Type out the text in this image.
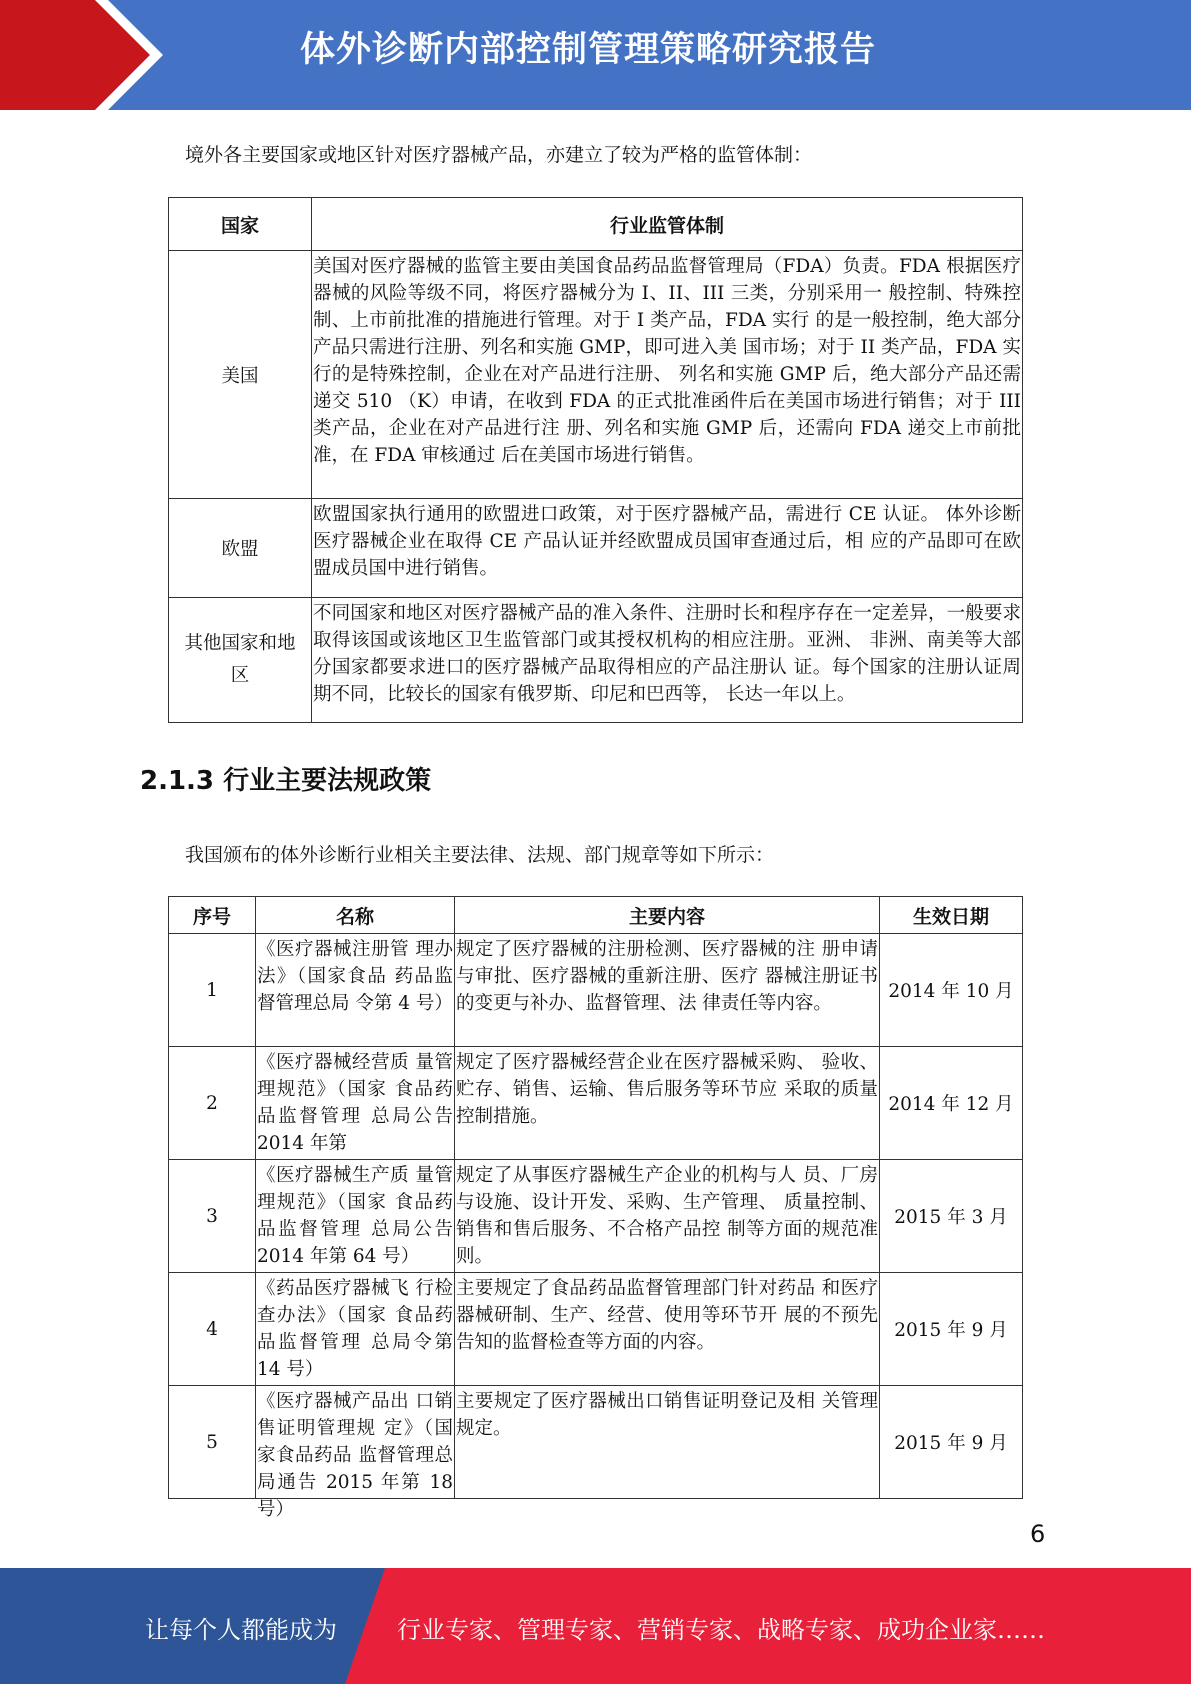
体外诊断内部控制管理策略研究报告
境外各主要国家或地区针对医疗器械产品，亦建立了较为严格的监管体制：
国家	行业监管体制
美国	美国对医疗器械的监管主要由美国食品药品监督管理局（FDA）负责。FDA 根据医疗器械的风险等级不同，将医疗器械分为 I、II、III 三类，分别采用一 般控制、特殊控制、上市前批准的措施进行管理。对于 I 类产品，FDA 实行 的是一般控制，绝大部分产品只需进行注册、列名和实施 GMP，即可进入美 国市场；对于 II 类产品，FDA 实行的是特殊控制，企业在对产品进行注册、 列名和实施 GMP 后，绝大部分产品还需递交 510 （K）申请，在收到 FDA 的正式批准函件后在美国市场进行销售；对于 III 类产品，企业在对产品进行注 册、列名和实施 GMP 后，还需向 FDA 递交上市前批准，在 FDA 审核通过 后在美国市场进行销售。
欧盟	欧盟国家执行通用的欧盟进口政策，对于医疗器械产品，需进行 CE 认证。 体外诊断医疗器械企业在取得 CE 产品认证并经欧盟成员国审查通过后，相 应的产品即可在欧盟成员国中进行销售。
其他国家和地区	不同国家和地区对医疗器械产品的准入条件、注册时长和程序存在一定差异，一般要求取得该国或该地区卫生监管部门或其授权机构的相应注册。亚洲、 非洲、南美等大部分国家都要求进口的医疗器械产品取得相应的产品注册认 证。每个国家的注册认证周期不同，比较长的国家有俄罗斯、印尼和巴西等， 长达一年以上。
2.1.3 行业主要法规政策
我国颁布的体外诊断行业相关主要法律、法规、部门规章等如下所示：
序号	名称	主要内容	生效日期
1	《医疗器械注册管 理办法》（国家食品 药品监督管理总局 令第 4 号）	规定了医疗器械的注册检测、医疗器械的注 册申请与审批、医疗器械的重新注册、医疗 器械注册证书的变更与补办、监督管理、法 律责任等内容。	2014 年 10 月
2	《医疗器械经营质 量管理规范》（国家 食品药品监督管理 总局公告 2014 年第	规定了医疗器械经营企业在医疗器械采购、 验收、贮存、销售、运输、售后服务等环节应 采取的质量控制措施。	2014 年 12 月
3	《医疗器械生产质 量管理规范》（国家 食品药品监督管理 总局公告 2014 年第 64 号）	规定了从事医疗器械生产企业的机构与人 员、厂房与设施、设计开发、采购、生产管理、 质量控制、销售和售后服务、不合格产品控 制等方面的规范准则。	2015 年 3 月
4	《药品医疗器械飞 行检查办法》（国家 食品药品监督管理 总局令第 14 号）	主要规定了食品药品监督管理部门针对药品 和医疗器械研制、生产、经营、使用等环节开 展的不预先告知的监督检查等方面的内容。	2015 年 9 月
5	《医疗器械产品出 口销售证明管理规 定》（国家食品药品 监督管理总局通告 2015 年第 18 号）	主要规定了医疗器械出口销售证明登记及相 关管理规定。	2015 年 9 月
6
让每个人都能成为	行业专家、管理专家、营销专家、战略专家、成功企业家……
